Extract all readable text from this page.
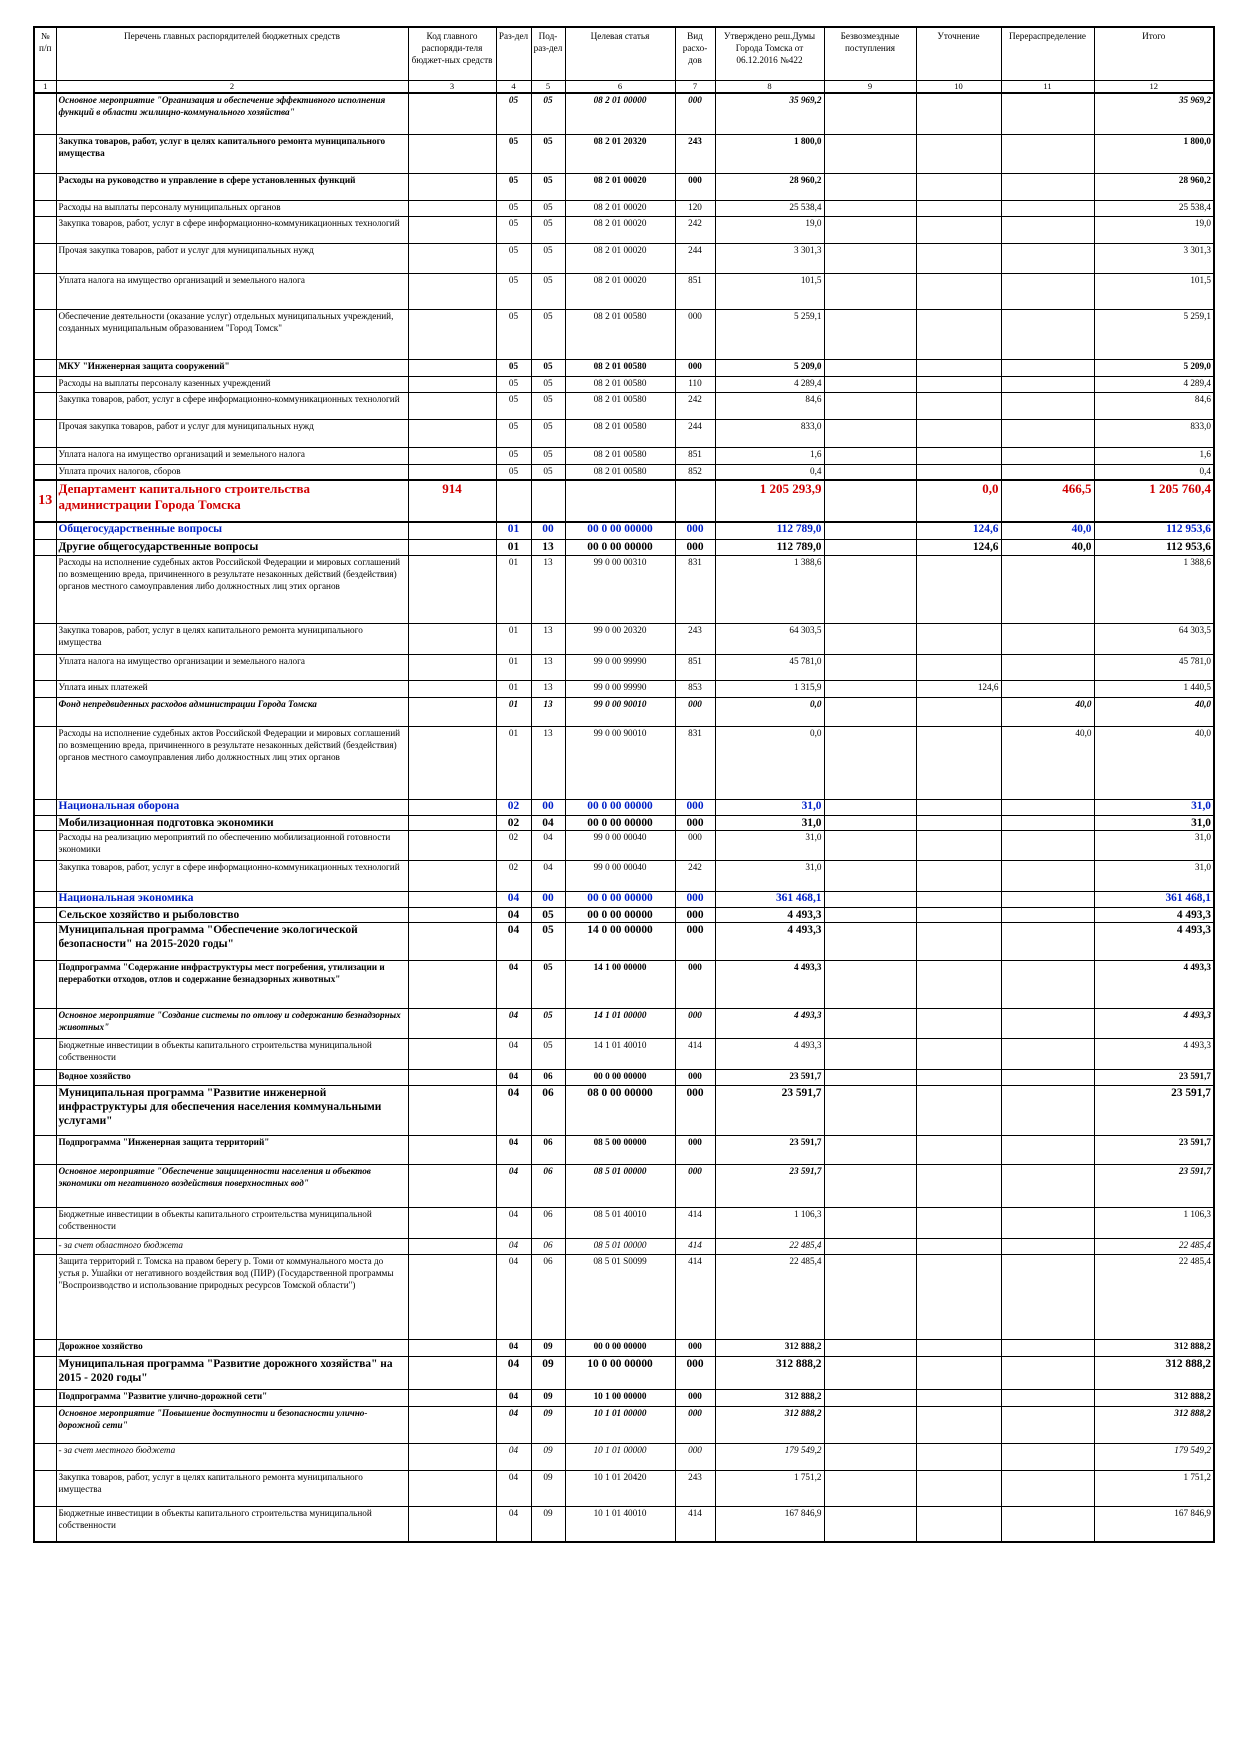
№ п/п	Перечень главных распорядителей бюджетных средств	Код главного распоряди-теля бюджет-ных средств	Раз-дел	Под-раз-дел	Целевая статья	Вид расхо-дов	Утверждено реш.Думы Города Томска от 06.12.2016 №422	Безвозмездные поступления	Уточнение	Перераспределение	Итого
1	2	3	4	5	6	7	8	9	10	11	12
	Основное мероприятие "Организация и обеспечение эффективного исполнения функций в области жилищно-коммунального хозяйства"		05	05	08 2 01 00000	000	35 969,2				35 969,2
	Закупка товаров, работ, услуг в целях капитального ремонта муниципального имущества		05	05	08 2 01 20320	243	1 800,0				1 800,0
	Расходы на руководство и управление в сфере установленных функций		05	05	08 2 01 00020	000	28 960,2				28 960,2
	Расходы на выплаты персоналу муниципальных органов		05	05	08 2 01 00020	120	25 538,4				25 538,4
	Закупка товаров, работ, услуг в сфере информационно-коммуникационных технологий		05	05	08 2 01 00020	242	19,0				19,0
	Прочая закупка товаров, работ и услуг для муниципальных нужд		05	05	08 2 01 00020	244	3 301,3				3 301,3
	Уплата налога на имущество организаций и земельного налога		05	05	08 2 01 00020	851	101,5				101,5
	Обеспечение деятельности (оказание услуг) отдельных муниципальных учреждений, созданных муниципальным образованием "Город Томск"		05	05	08 2 01 00580	000	5 259,1				5 259,1
	МКУ "Инженерная защита сооружений"		05	05	08 2 01 00580	000	5 209,0				5 209,0
	Расходы на выплаты персоналу казенных учреждений		05	05	08 2 01 00580	110	4 289,4				4 289,4
	Закупка товаров, работ, услуг в сфере информационно-коммуникационных технологий		05	05	08 2 01 00580	242	84,6				84,6
	Прочая закупка товаров, работ и услуг для муниципальных нужд		05	05	08 2 01 00580	244	833,0				833,0
	Уплата налога на имущество организаций и земельного налога		05	05	08 2 01 00580	851	1,6				1,6
	Уплата прочих налогов, сборов		05	05	08 2 01 00580	852	0,4				0,4
13	Департамент капитального строительства администрации Города Томска	914					1 205 293,9		0,0	466,5	1 205 760,4
	Общегосударственные вопросы		01	00	00 0 00 00000	000	112 789,0		124,6	40,0	112 953,6
	Другие общегосударственные вопросы		01	13	00 0 00 00000	000	112 789,0		124,6	40,0	112 953,6
	Расходы на исполнение судебных актов Российской Федерации и мировых соглашений по возмещению вреда, причиненного в результате незаконных действий (бездействия) органов местного самоуправления либо должностных лиц этих органов		01	13	99 0 00 00310	831	1 388,6				1 388,6
	Закупка товаров, работ, услуг в целях капитального ремонта муниципального имущества		01	13	99 0 00 20320	243	64 303,5				64 303,5
	Уплата налога на имущество организации и земельного налога		01	13	99 0 00 99990	851	45 781,0				45 781,0
	Уплата иных платежей		01	13	99 0 00 99990	853	1 315,9		124,6		1 440,5
	Фонд непредвиденных расходов администрации Города Томска		01	13	99 0 00 90010	000	0,0			40,0	40,0
	Расходы на исполнение судебных актов Российской Федерации и мировых соглашений по возмещению вреда, причиненного в результате незаконных действий (бездействия) органов местного самоуправления либо должностных лиц этих органов		01	13	99 0 00 90010	831	0,0			40,0	40,0
	Национальная оборона		02	00	00 0 00 00000	000	31,0				31,0
	Мобилизационная подготовка экономики		02	04	00 0 00 00000	000	31,0				31,0
	Расходы на реализацию мероприятий по обеспечению мобилизационной готовности экономики		02	04	99 0 00 00040	000	31,0				31,0
	Закупка товаров, работ, услуг в сфере информационно-коммуникационных технологий		02	04	99 0 00 00040	242	31,0				31,0
	Национальная экономика		04	00	00 0 00 00000	000	361 468,1				361 468,1
	Сельское хозяйство и рыболовство		04	05	00 0 00 00000	000	4 493,3				4 493,3
	Муниципальная программа "Обеспечение экологической безопасности" на 2015-2020 годы"		04	05	14 0 00 00000	000	4 493,3				4 493,3
	Подпрограмма "Содержание инфраструктуры мест погребения, утилизации и переработки отходов, отлов и содержание безнадзорных животных"		04	05	14 1 00 00000	000	4 493,3				4 493,3
	Основное мероприятие "Создание системы по отлову и содержанию безнадзорных животных"		04	05	14 1 01 00000	000	4 493,3				4 493,3
	Бюджетные инвестиции в объекты капитального строительства муниципальной собственности		04	05	14 1 01 40010	414	4 493,3				4 493,3
	Водное хозяйство		04	06	00 0 00 00000	000	23 591,7				23 591,7
	Муниципальная программа "Развитие инженерной инфраструктуры для обеспечения населения коммунальными услугами"		04	06	08 0 00 00000	000	23 591,7				23 591,7
	Подпрограмма "Инженерная защита территорий"		04	06	08 5 00 00000	000	23 591,7				23 591,7
	Основное мероприятие "Обеспечение защищенности населения и объектов экономики от негативного воздействия поверхностных вод"		04	06	08 5 01 00000	000	23 591,7				23 591,7
	Бюджетные инвестиции в объекты капитального строительства муниципальной собственности		04	06	08 5 01 40010	414	1 106,3				1 106,3
	- за счет областного бюджета		04	06	08 5 01 00000	414	22 485,4				22 485,4
	Защита территорий г. Томска на правом берегу р. Томи от коммунального моста до устья р. Ушайки от негативного воздействия вод (ПИР) (Государственной программы "Воспроизводство и использование природных ресурсов Томской области")		04	06	08 5 01 S0099	414	22 485,4				22 485,4
	Дорожное хозяйство		04	09	00 0 00 00000	000	312 888,2				312 888,2
	Муниципальная программа "Развитие дорожного хозяйства" на 2015 - 2020 годы"		04	09	10 0 00 00000	000	312 888,2				312 888,2
	Подпрограмма "Развитие улично-дорожной сети"		04	09	10 1 00 00000	000	312 888,2				312 888,2
	Основное мероприятие "Повышение доступности и безопасности улично-дорожной сети"		04	09	10 1 01 00000	000	312 888,2				312 888,2
	- за счет местного бюджета		04	09	10 1 01 00000	000	179 549,2				179 549,2
	Закупка товаров, работ, услуг в целях капитального ремонта муниципального имущества		04	09	10 1 01 20420	243	1 751,2				1 751,2
	Бюджетные инвестиции в объекты капитального строительства муниципальной собственности		04	09	10 1 01 40010	414	167 846,9				167 846,9
